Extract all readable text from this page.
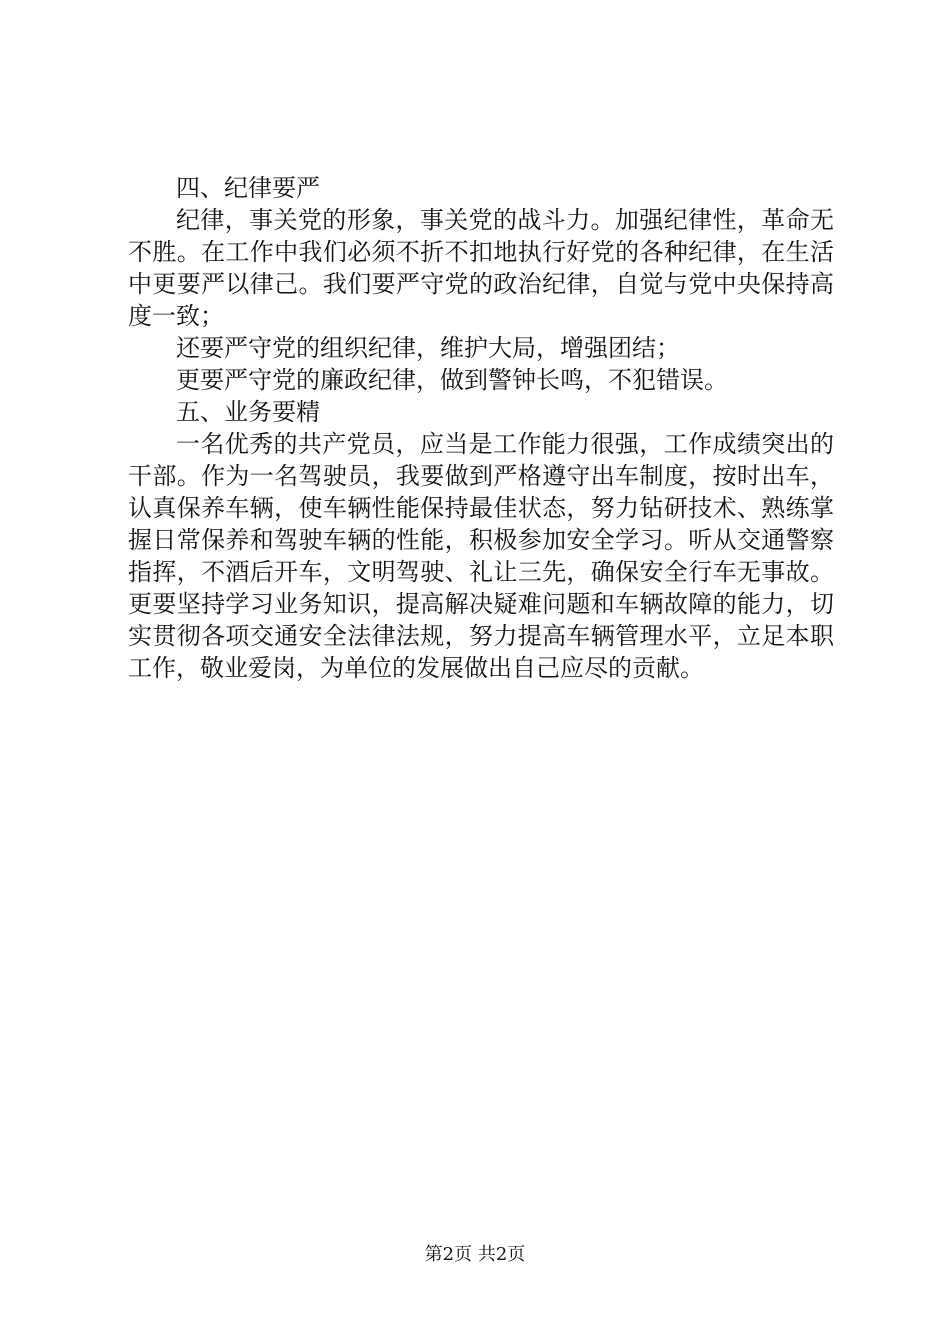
四、纪律要严

纪律，事关党的形象，事关党的战斗力。加强纪律性，革命无不胜。在工作中我们必须不折不扣地执行好党的各种纪律，在生活中更要严以律己。我们要严守党的政治纪律，自觉与党中央保持高度一致；

还要严守党的组织纪律，维护大局，增强团结；

更要严守党的廉政纪律，做到警钟长鸣，不犯错误。

五、业务要精

一名优秀的共产党员，应当是工作能力很强，工作成绩突出的干部。作为一名驾驶员，我要做到严格遵守出车制度，按时出车，认真保养车辆，使车辆性能保持最佳状态，努力钻研技术、熟练掌握日常保养和驾驶车辆的性能，积极参加安全学习。听从交通警察指挥，不酒后开车，文明驾驶、礼让三先，确保安全行车无事故。更要坚持学习业务知识，提高解决疑难问题和车辆故障的能力，切实贯彻各项交通安全法律法规，努力提高车辆管理水平，立足本职工作，敬业爱岗，为单位的发展做出自己应尽的贡献。

第2页 共2页
